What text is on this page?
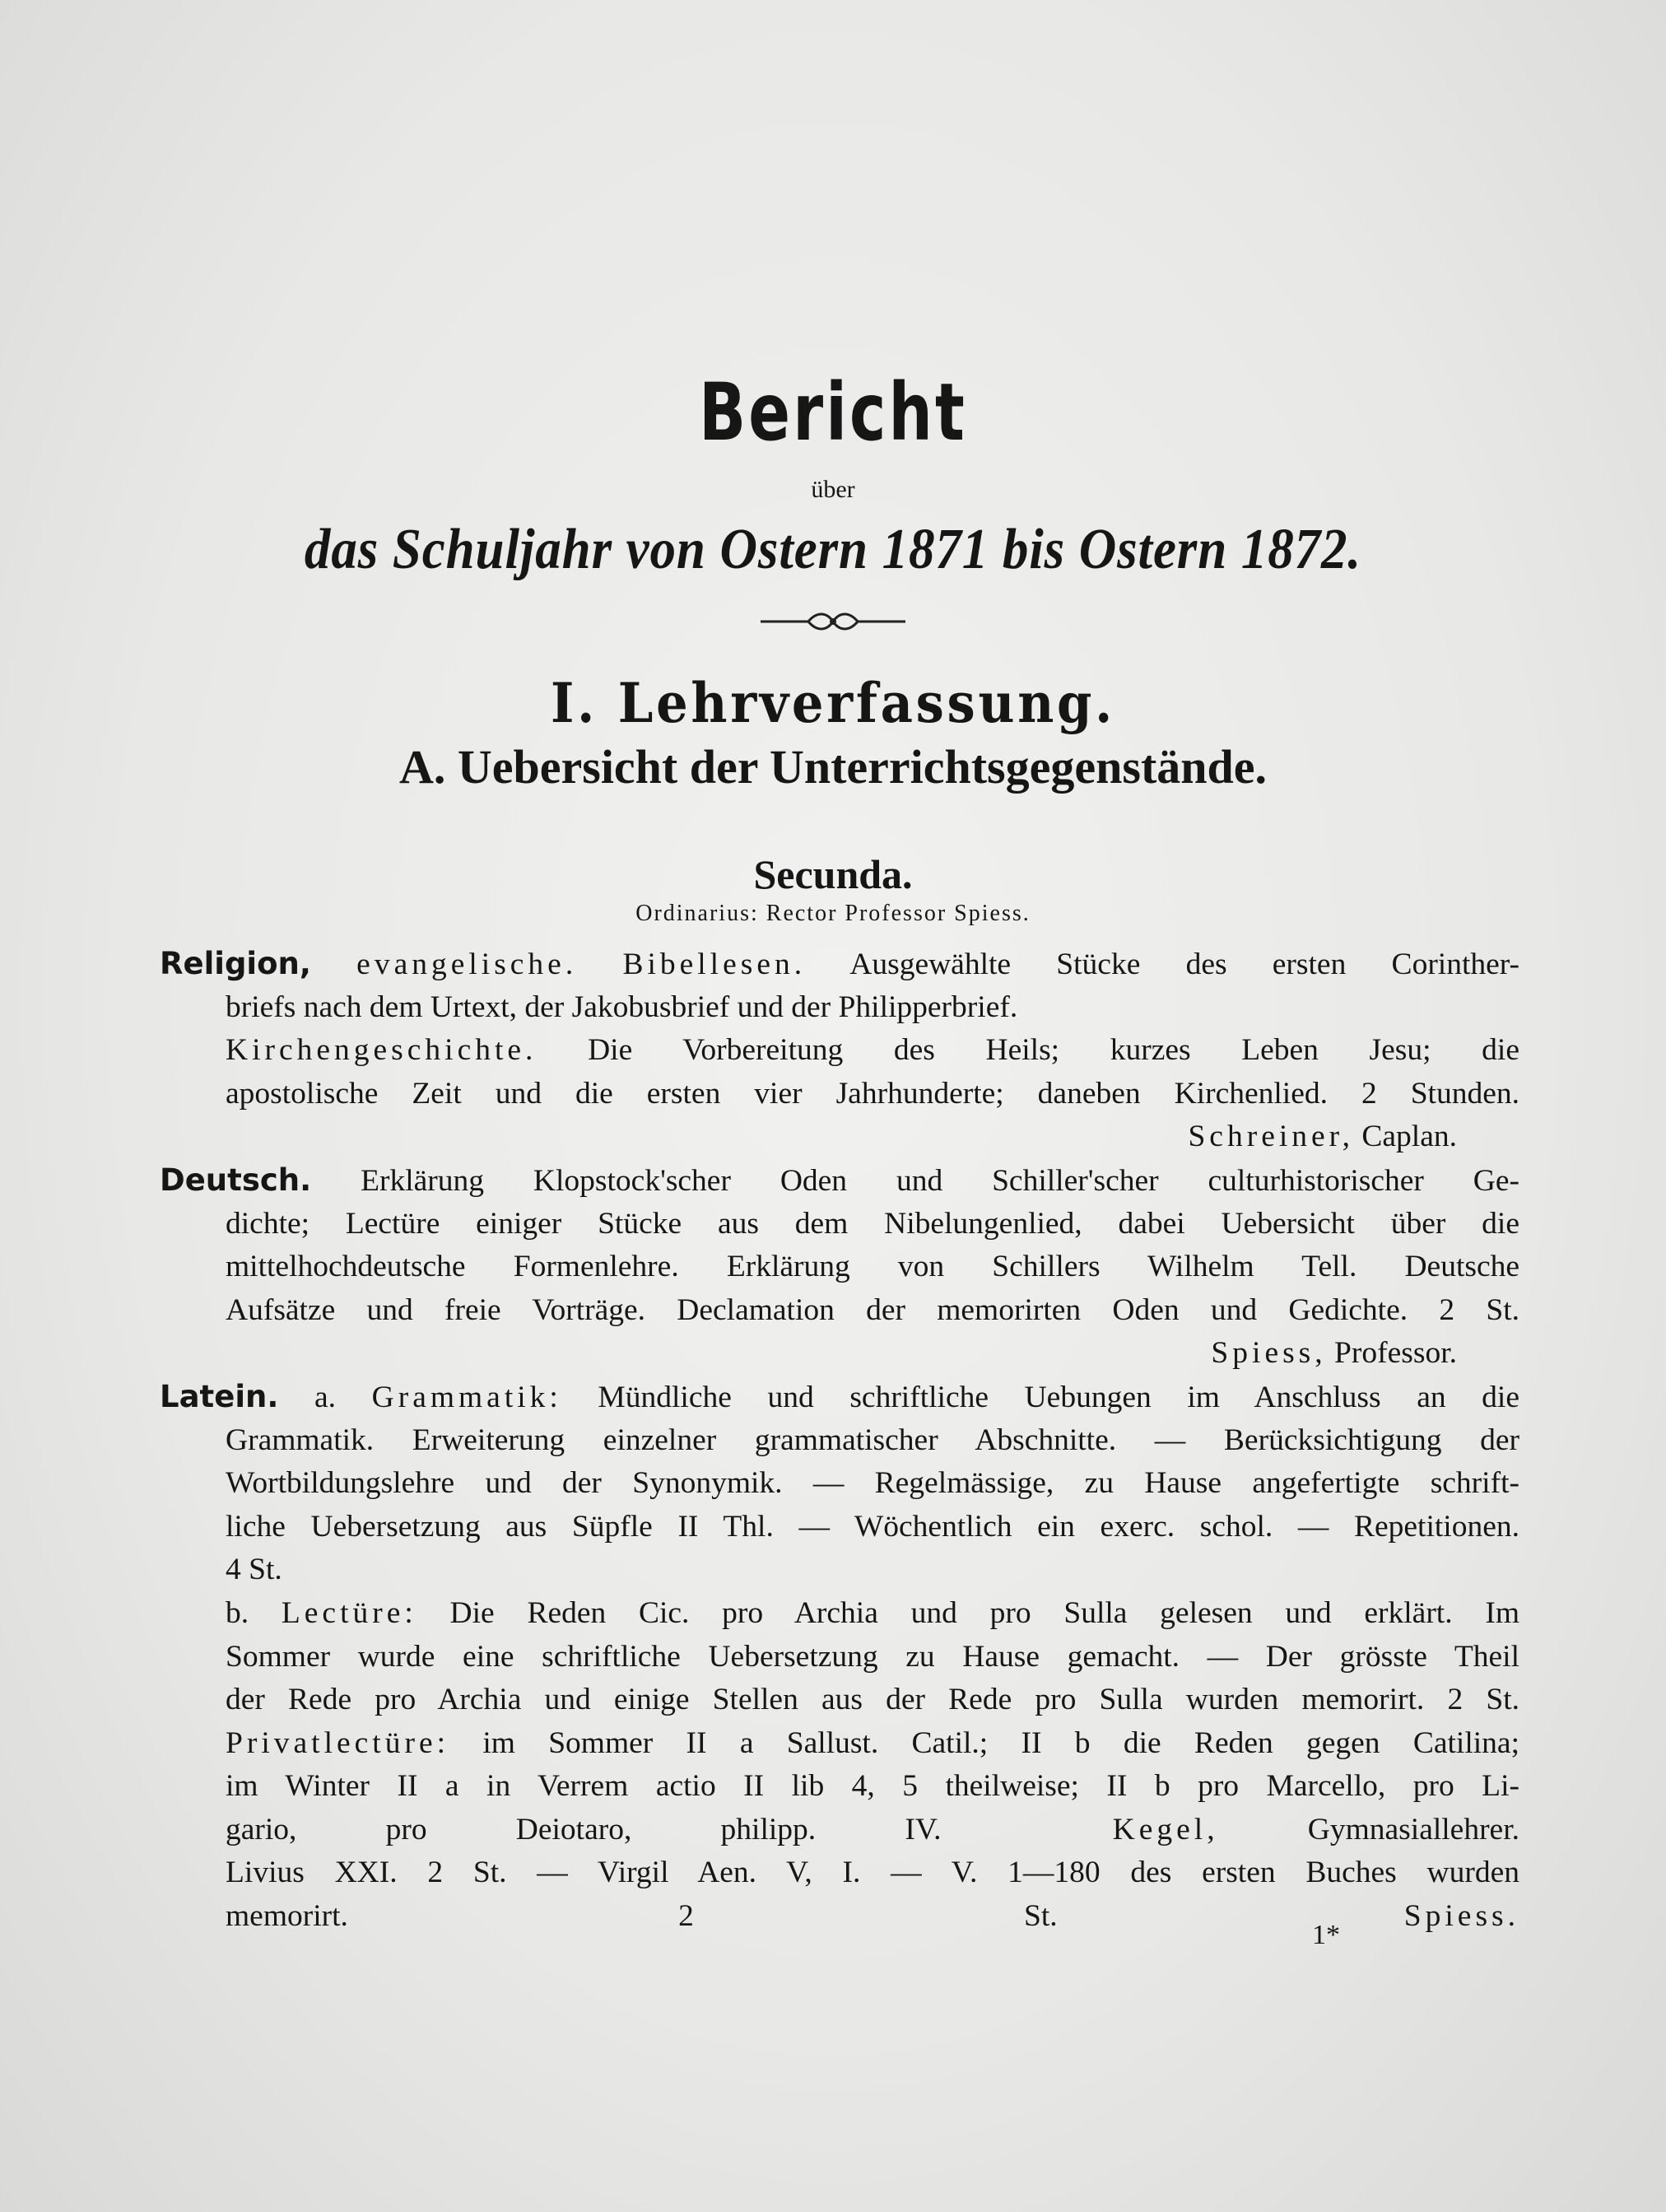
Bericht
über
das Schuljahr von Ostern 1871 bis Ostern 1872.
I. Lehrverfassung.
A. Uebersicht der Unterrichtsgegenstände.
Secunda.
Ordinarius: Rector Professor Spiess.
Religion, evangelische. Bibellesen. Ausgewählte Stücke des ersten Corinther-
briefs nach dem Urtext, der Jakobusbrief und der Philipperbrief.
Kirchengeschichte. Die Vorbereitung des Heils; kurzes Leben Jesu; die
apostolische Zeit und die ersten vier Jahrhunderte; daneben Kirchenlied. 2 Stunden.
Schreiner, Caplan.
Deutsch. Erklärung Klopstock'scher Oden und Schiller'scher culturhistorischer Ge-
dichte; Lectüre einiger Stücke aus dem Nibelungenlied, dabei Uebersicht über die
mittelhochdeutsche Formenlehre. Erklärung von Schillers Wilhelm Tell. Deutsche
Aufsätze und freie Vorträge. Declamation der memorirten Oden und Gedichte. 2 St.
Spiess, Professor.
Latein. a. Grammatik: Mündliche und schriftliche Uebungen im Anschluss an die
Grammatik. Erweiterung einzelner grammatischer Abschnitte. — Berücksichtigung der
Wortbildungslehre und der Synonymik. — Regelmässige, zu Hause angefertigte schrift-
liche Uebersetzung aus Süpfle II Thl. — Wöchentlich ein exerc. schol. — Repetitionen.
4 St.
b. Lectüre: Die Reden Cic. pro Archia und pro Sulla gelesen und erklärt. Im
Sommer wurde eine schriftliche Uebersetzung zu Hause gemacht. — Der grösste Theil
der Rede pro Archia und einige Stellen aus der Rede pro Sulla wurden memorirt. 2 St.
Privatlectüre: im Sommer II a Sallust. Catil.; II b die Reden gegen Catilina;
im Winter II a in Verrem actio II lib 4, 5 theilweise; II b pro Marcello, pro Li-
gario, pro Deiotaro, philipp. IV.	Kegel,	Gymnasiallehrer.
Livius XXI. 2 St. — Virgil Aen. V, I. — V. 1—180 des ersten Buches wurden
memorirt. 2 St.	Spiess.
1*
